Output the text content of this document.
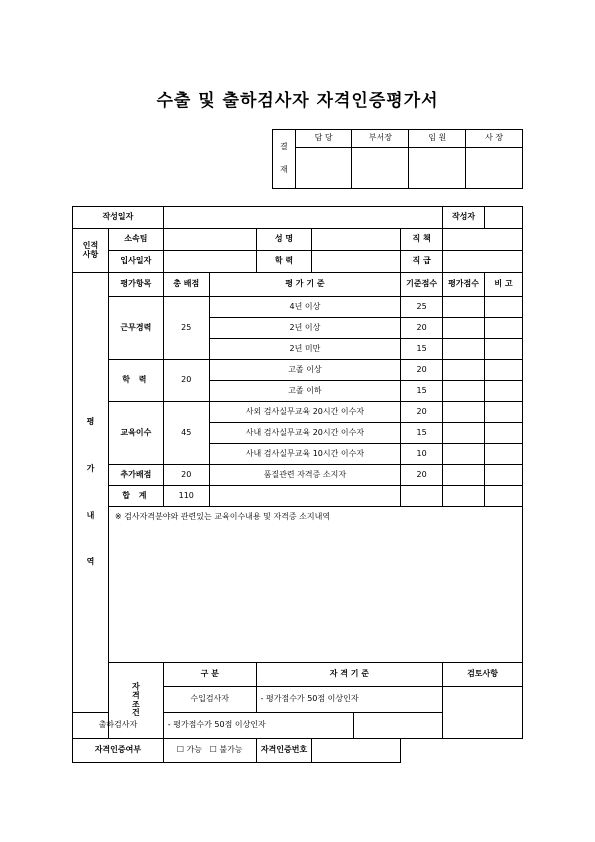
수출 및 출하검사자 자격인증평가서
결
재	담 당	부서장	임 원	사 장

작성일자							작성자	

인적
사항	소속팀			성 명		직 책		
	입사일자			학 력		직 급		

평
가
내
역	평가항목	총 배점	평 가 기 준			기준점수	평가점수	비 고
	근무경력	25	4년 이상			25		
			2년 이상			20		
			2년 미만			15		
	학 력	20	고졸 이상			20		
			고졸 이하			15		
	교육이수	45	사외 검사실무교육 20시간 이수자			20		
			사내 검사실무교육 20시간 이수자			15		
			사내 검사실무교육 10시간 이수자			10		
	추가배점	20	품질관련 자격증 소지자			20		
	합 계	110						
	※ 검사자격분야와 관련있는 교육이수내용 및 자격증 소지내역							

	자
격
조
건	구 분		자 격 기 준			검토사항	
		수입검사자		- 평가점수가 50점 이상인자				
출하검사자		- 평가점수가 50점 이상인자						
자격인증여부		☐ 가능 ☐ 불가능		자격인증번호				
